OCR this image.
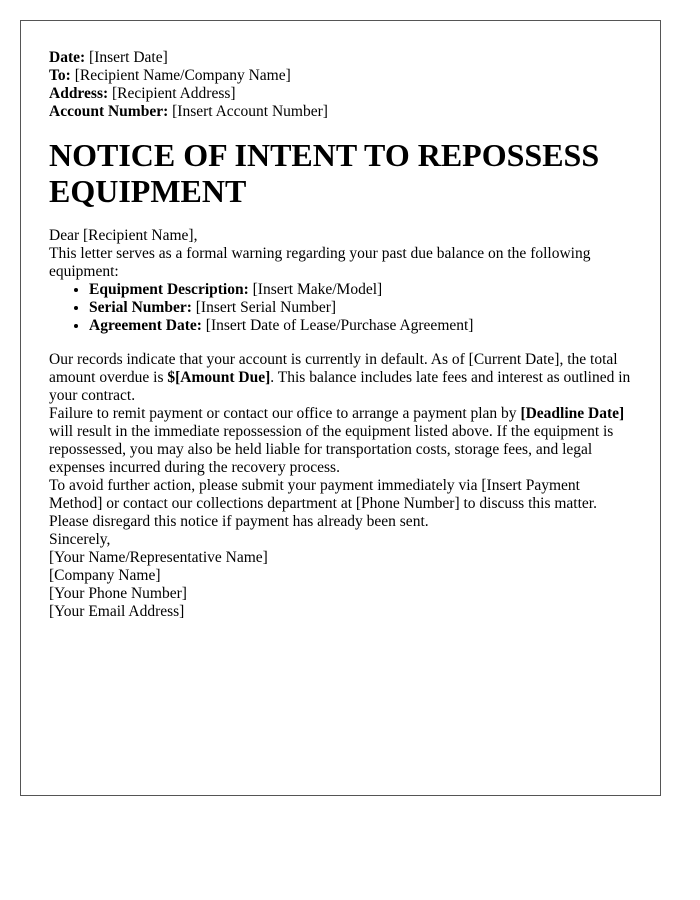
Date: [Insert Date]

To: [Recipient Name/Company Name]

Address: [Recipient Address]

Account Number: [Insert Account Number]

NOTICE OF INTENT TO REPOSSESS EQUIPMENT

Dear [Recipient Name],

This letter serves as a formal warning regarding your past due balance on the following equipment:

• Equipment Description: [Insert Make/Model]
• Serial Number: [Insert Serial Number]
• Agreement Date: [Insert Date of Lease/Purchase Agreement]

Our records indicate that your account is currently in default. As of [Current Date], the total amount overdue is $[Amount Due]. This balance includes late fees and interest as outlined in your contract.

Failure to remit payment or contact our office to arrange a payment plan by [Deadline Date] will result in the immediate repossession of the equipment listed above. If the equipment is repossessed, you may also be held liable for transportation costs, storage fees, and legal expenses incurred during the recovery process.

To avoid further action, please submit your payment immediately via [Insert Payment Method] or contact our collections department at [Phone Number] to discuss this matter.

Please disregard this notice if payment has already been sent.

Sincerely,

[Your Name/Representative Name]

[Company Name]

[Your Phone Number]

[Your Email Address]
